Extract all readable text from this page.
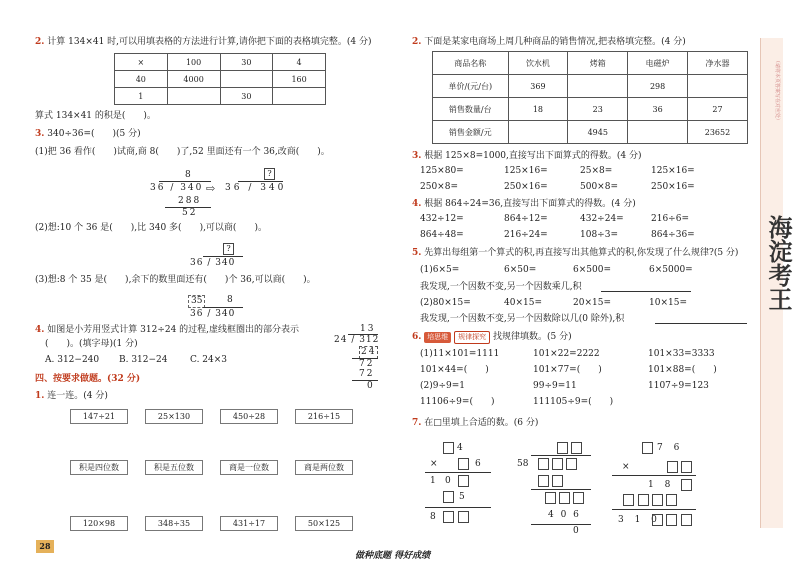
2. 计算 134×41 时,可以用填表格的方法进行计算,请你把下面的表格填完整。(4 分)
×	100	30	4
40	4000		160
1		30	
算式 134×41 的积是(　　)。
3. 340÷36=(　　)(5 分)
(1)把 36 看作(　　)试商,商 8(　　)了,52 里面还有一个 36,改商(　　)。
8
36 / 340
288
52
⇨
?
36 / 340
(2)想:10 个 36 是(　　),比 340 多(　　),可以商(　　)。
?
36 / 340
(3)想:8 个 35 是(　　),余下的数里面还有(　　)个 36,可以商(　　)。
8
35
36 / 340
4. 如图是小芳用竖式计算 312÷24 的过程,虚线框圈出的部分表示
(　　)。(填字母)(1 分)
A. 312−240 B. 312−24 C. 24×3
13
24 / 312
24
72
72
0
四、按要求做题。(32 分)
1. 连一连。(4 分)
147÷21	25×130	450÷28	216÷15
积是四位数	积是五位数	商是一位数	商是两位数
120×98	348÷35	431÷17	50×125
2. 下面是某家电商场上周几种商品的销售情况,把表格填完整。(4 分)
商品名称	饮水机	烤箱	电磁炉	净水器
单价/(元/台)	369		298	
销售数量/台	18	23	36	27
销售金额/元		4945		23652
3. 根据 125×8=1000,直接写出下面算式的得数。(4 分)
125×80=	125×16=	25×8=	125×16=
250×8=	250×16=	500×8=	250×16=
4. 根据 864÷24=36,直接写出下面算式的得数。(4 分)
432÷12=	864÷12=	432÷24=	216÷6=
864÷48=	216÷24=	108÷3=	864÷36=
5. 先算出每组第一个算式的积,再直接写出其他算式的积,你发现了什么规律?(5 分)
(1)6×5=	6×50=	6×500=	6×5000=
我发现,一个因数不变,另一个因数乘几,积
(2)80×15=	40×15=	20×15=	10×15=
我发现,一个因数不变,另一个因数除以几(0 除外),积
6. 培思维 规律探究 找规律填数。(5 分)
(1)11×101=1111	101×22=2222	101×33=3333
101×44=(　　)	101×77=(　　)	101×88=(　　)
(2)9÷9=1	99÷9=11	1107÷9=123
11106÷9=(　　)	111105÷9=(　　)
7. 在□里填上合适的数。(6 分)
4
×	6
1 0
5
8
58
4 0 6
0
7 6
×
1 8
3 1 0
（请将本页答案写在对应处）
海淀考王
28
做种底题 得好成绩
